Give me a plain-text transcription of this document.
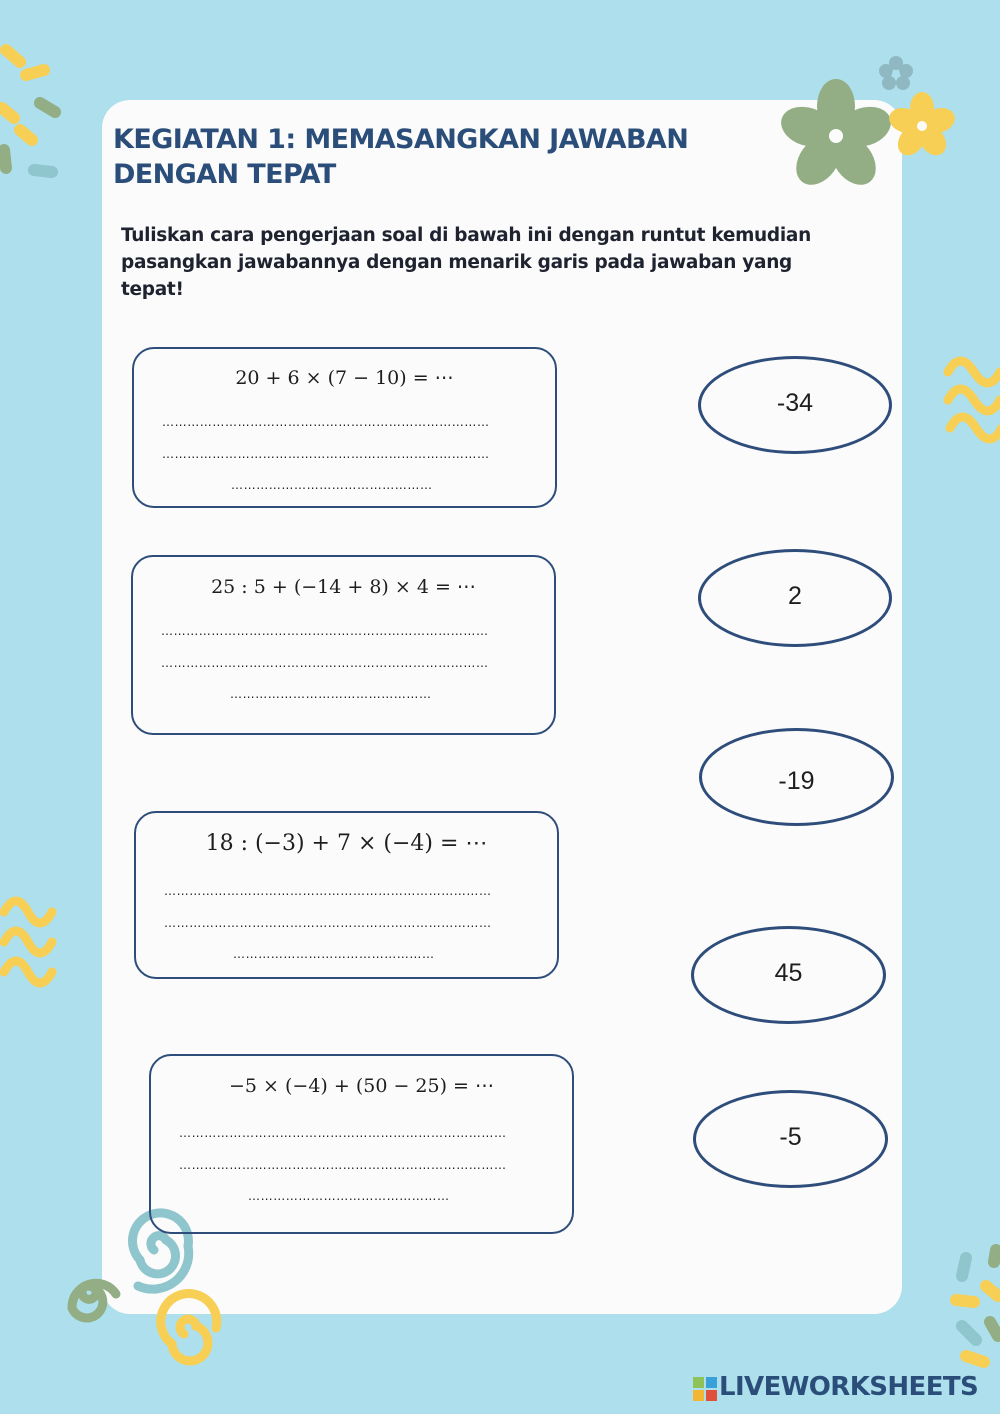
KEGIATAN 1: MEMASANGKAN JAWABAN DENGAN TEPAT

Tuliskan cara pengerjaan soal di bawah ini dengan runtut kemudian pasangkan jawabannya dengan menarik garis pada jawaban yang tepat!

20 + 6 × (7 − 10) = ⋯
……………………………………………………………………
……………………………………………………………………
…………………………………………
25 : 5 + (−14 + 8) × 4 = ⋯
……………………………………………………………………
……………………………………………………………………
…………………………………………
18 : (−3) + 7 × (−4) = ⋯
……………………………………………………………………
……………………………………………………………………
…………………………………………
−5 × (−4) + (50 − 25) = ⋯
……………………………………………………………………
……………………………………………………………………
…………………………………………
-34
2
-19
45
-5
LIVEWORKSHEETS
